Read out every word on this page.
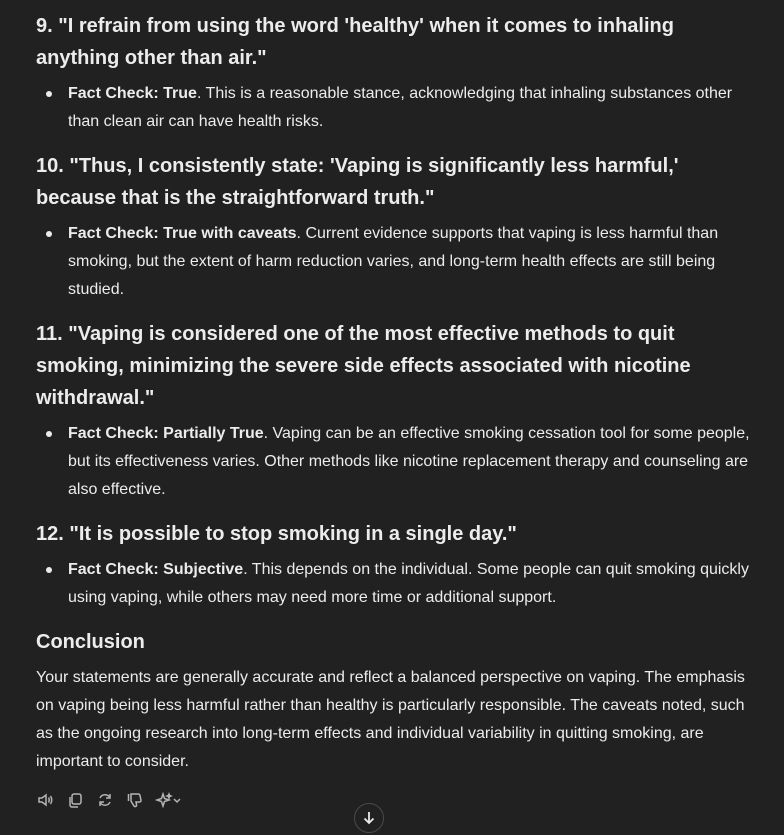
9. "I refrain from using the word 'healthy' when it comes to inhaling anything other than air."

Fact Check: True. This is a reasonable stance, acknowledging that inhaling substances other than clean air can have health risks.

10. "Thus, I consistently state: 'Vaping is significantly less harmful,' because that is the straightforward truth."

Fact Check: True with caveats. Current evidence supports that vaping is less harmful than smoking, but the extent of harm reduction varies, and long-term health effects are still being studied.

11. "Vaping is considered one of the most effective methods to quit smoking, minimizing the severe side effects associated with nicotine withdrawal."

Fact Check: Partially True. Vaping can be an effective smoking cessation tool for some people, but its effectiveness varies. Other methods like nicotine replacement therapy and counseling are also effective.

12. "It is possible to stop smoking in a single day."

Fact Check: Subjective. This depends on the individual. Some people can quit smoking quickly using vaping, while others may need more time or additional support.

Conclusion

Your statements are generally accurate and reflect a balanced perspective on vaping. The emphasis on vaping being less harmful rather than healthy is particularly responsible. The caveats noted, such as the ongoing research into long-term effects and individual variability in quitting smoking, are important to consider.
